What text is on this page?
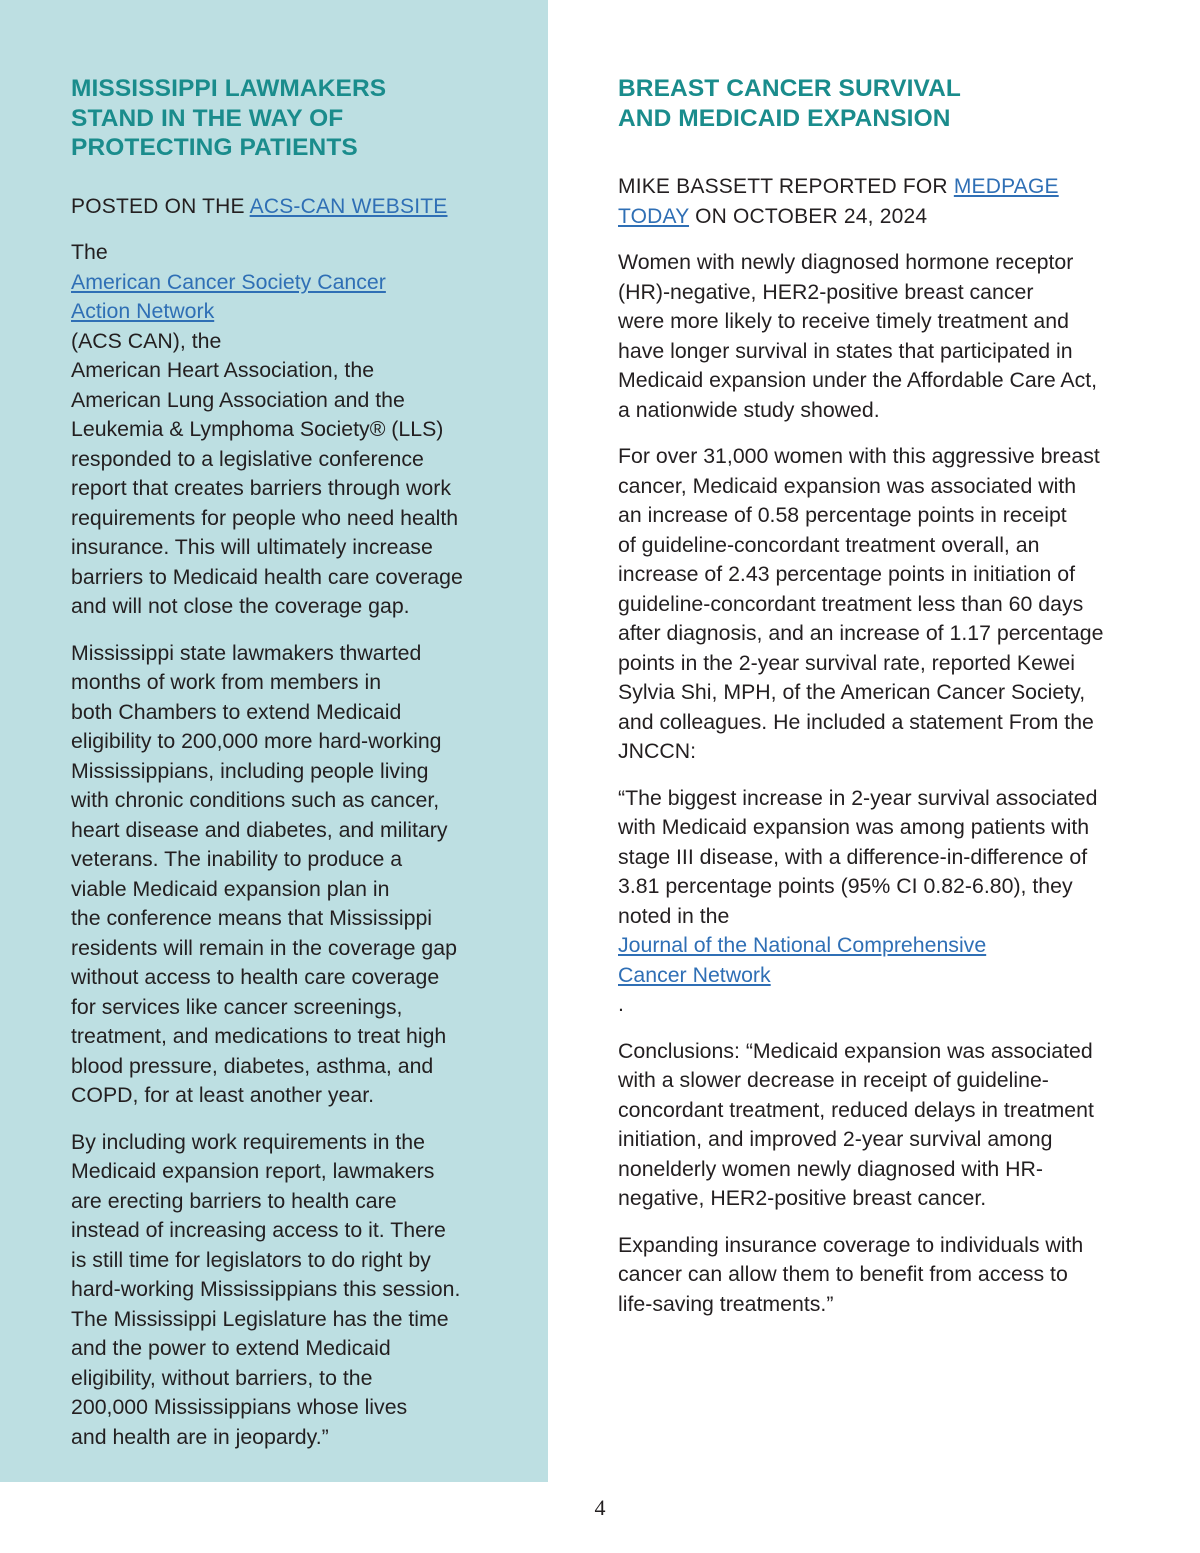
MISSISSIPPI LAWMAKERS
STAND IN THE WAY OF
PROTECTING PATIENTS

POSTED ON THE ACS-CAN WEBSITE

The
American Cancer Society Cancer
Action Network
(ACS CAN), the
American Heart Association, the
American Lung Association and the
Leukemia & Lymphoma Society® (LLS)
responded to a legislative conference
report that creates barriers through work
requirements for people who need health
insurance. This will ultimately increase
barriers to Medicaid health care coverage
and will not close the coverage gap.

Mississippi state lawmakers thwarted
months of work from members in
both Chambers to extend Medicaid
eligibility to 200,000 more hard-working
Mississippians, including people living
with chronic conditions such as cancer,
heart disease and diabetes, and military
veterans. The inability to produce a
viable Medicaid expansion plan in
the conference means that Mississippi
residents will remain in the coverage gap
without access to health care coverage
for services like cancer screenings,
treatment, and medications to treat high
blood pressure, diabetes, asthma, and
COPD, for at least another year.

By including work requirements in the
Medicaid expansion report, lawmakers
are erecting barriers to health care
instead of increasing access to it. There
is still time for legislators to do right by
hard-working Mississippians this session.
The Mississippi Legislature has the time
and the power to extend Medicaid
eligibility, without barriers, to the
200,000 Mississippians whose lives
and health are in jeopardy.”

BREAST CANCER SURVIVAL
AND MEDICAID EXPANSION

MIKE BASSETT REPORTED FOR MEDPAGE
TODAY ON OCTOBER 24, 2024

Women with newly diagnosed hormone receptor
(HR)-negative, HER2-positive breast cancer
were more likely to receive timely treatment and
have longer survival in states that participated in
Medicaid expansion under the Affordable Care Act,
a nationwide study showed.

For over 31,000 women with this aggressive breast
cancer, Medicaid expansion was associated with
an increase of 0.58 percentage points in receipt
of guideline-concordant treatment overall, an
increase of 2.43 percentage points in initiation of
guideline-concordant treatment less than 60 days
after diagnosis, and an increase of 1.17 percentage
points in the 2-year survival rate, reported Kewei
Sylvia Shi, MPH, of the American Cancer Society,
and colleagues. He included a statement From the
JNCCN:

“The biggest increase in 2-year survival associated
with Medicaid expansion was among patients with
stage III disease, with a difference-in-difference of
3.81 percentage points (95% CI 0.82-6.80), they
noted in the
Journal of the National Comprehensive
Cancer Network
.

Conclusions: “Medicaid expansion was associated
with a slower decrease in receipt of guideline-
concordant treatment, reduced delays in treatment
initiation, and improved 2-year survival among
nonelderly women newly diagnosed with HR-
negative, HER2-positive breast cancer.

Expanding insurance coverage to individuals with
cancer can allow them to benefit from access to
life-saving treatments.”

4
